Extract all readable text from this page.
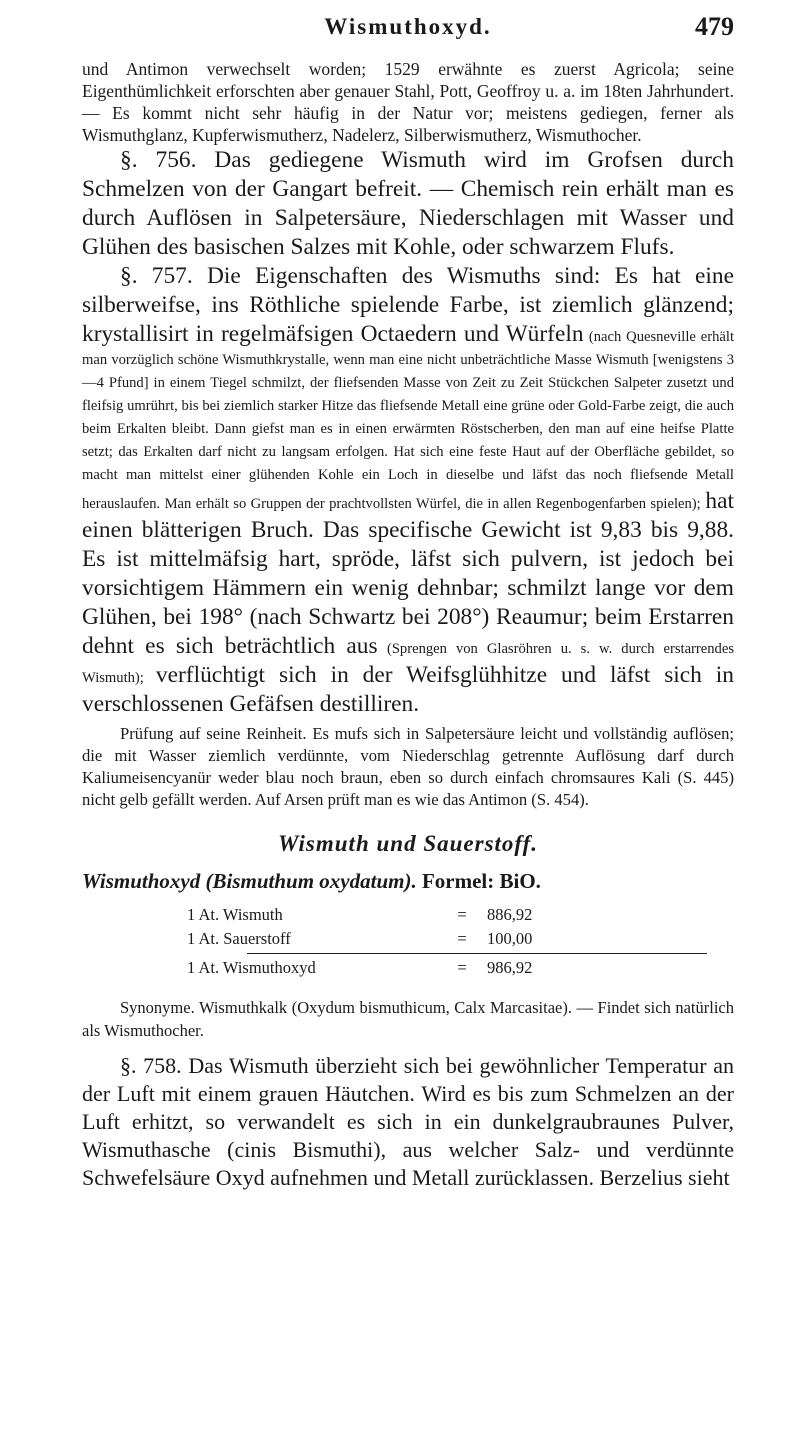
Wismuthoxyd.	479

und Antimon verwechselt worden; 1529 erwähnte es zuerst Agricola; seine Eigenthümlichkeit erforschten aber genauer Stahl, Pott, Geoffroy u. a. im 18ten Jahrhundert. — Es kommt nicht sehr häufig in der Natur vor; meistens gediegen, ferner als Wismuthglanz, Kupferwismutherz, Nadelerz, Silberwismutherz, Wismuthocher.

§. 756. Das gediegene Wismuth wird im Grofsen durch Schmelzen von der Gangart befreit. — Chemisch rein erhält man es durch Auflösen in Salpetersäure, Niederschlagen mit Wasser und Glühen des basischen Salzes mit Kohle, oder schwarzem Flufs.

§. 757. Die Eigenschaften des Wismuths sind: Es hat eine silberweifse, ins Röthliche spielende Farbe, ist ziemlich glänzend; krystallisirt in regelmäfsigen Octaedern und Würfeln (nach Quesneville erhält man vorzüglich schöne Wismuthkrystalle, wenn man eine nicht unbeträchtliche Masse Wismuth [wenigstens 3—4 Pfund] in einem Tiegel schmilzt, der fliefsenden Masse von Zeit zu Zeit Stückchen Salpeter zusetzt und fleifsig umrührt, bis bei ziemlich starker Hitze das fliefsende Metall eine grüne oder Gold-Farbe zeigt, die auch beim Erkalten bleibt. Dann giefst man es in einen erwärmten Röstscherben, den man auf eine heifse Platte setzt; das Erkalten darf nicht zu langsam erfolgen. Hat sich eine feste Haut auf der Oberfläche gebildet, so macht man mittelst einer glühenden Kohle ein Loch in dieselbe und läfst das noch fliefsende Metall herauslaufen. Man erhält so Gruppen der prachtvollsten Würfel, die in allen Regenbogenfarben spielen); hat einen blätterigen Bruch. Das specifische Gewicht ist 9,83 bis 9,88. Es ist mittelmäfsig hart, spröde, läfst sich pulvern, ist jedoch bei vorsichtigem Hämmern ein wenig dehnbar; schmilzt lange vor dem Glühen, bei 198° (nach Schwartz bei 208°) Reaumur; beim Erstarren dehnt es sich beträchtlich aus (Sprengen von Glasröhren u. s. w. durch erstarrendes Wismuth); verflüchtigt sich in der Weifsglühhitze und läfst sich in verschlossenen Gefäfsen destilliren.

Prüfung auf seine Reinheit. Es mufs sich in Salpetersäure leicht und vollständig auflösen; die mit Wasser ziemlich verdünnte, vom Niederschlag getrennte Auflösung darf durch Kaliumeisencyanür weder blau noch braun, eben so durch einfach chromsaures Kali (S. 445) nicht gelb gefällt werden. Auf Arsen prüft man es wie das Antimon (S. 454).

Wismuth und Sauerstoff.

Wismuthoxyd (Bismuthum oxydatum). Formel: BiO.

1 At. Wismuth	=	886,92
1 At. Sauerstoff	=	100,00
1 At. Wismuthoxyd	=	986,92

Synonyme. Wismuthkalk (Oxydum bismuthicum, Calx Marcasitae). — Findet sich natürlich als Wismuthocher.

§. 758. Das Wismuth überzieht sich bei gewöhnlicher Temperatur an der Luft mit einem grauen Häutchen. Wird es bis zum Schmelzen an der Luft erhitzt, so verwandelt es sich in ein dunkelgraubraunes Pulver, Wismuthasche (cinis Bismuthi), aus welcher Salz- und verdünnte Schwefelsäure Oxyd aufnehmen und Metall zurücklassen. Berzelius sieht
